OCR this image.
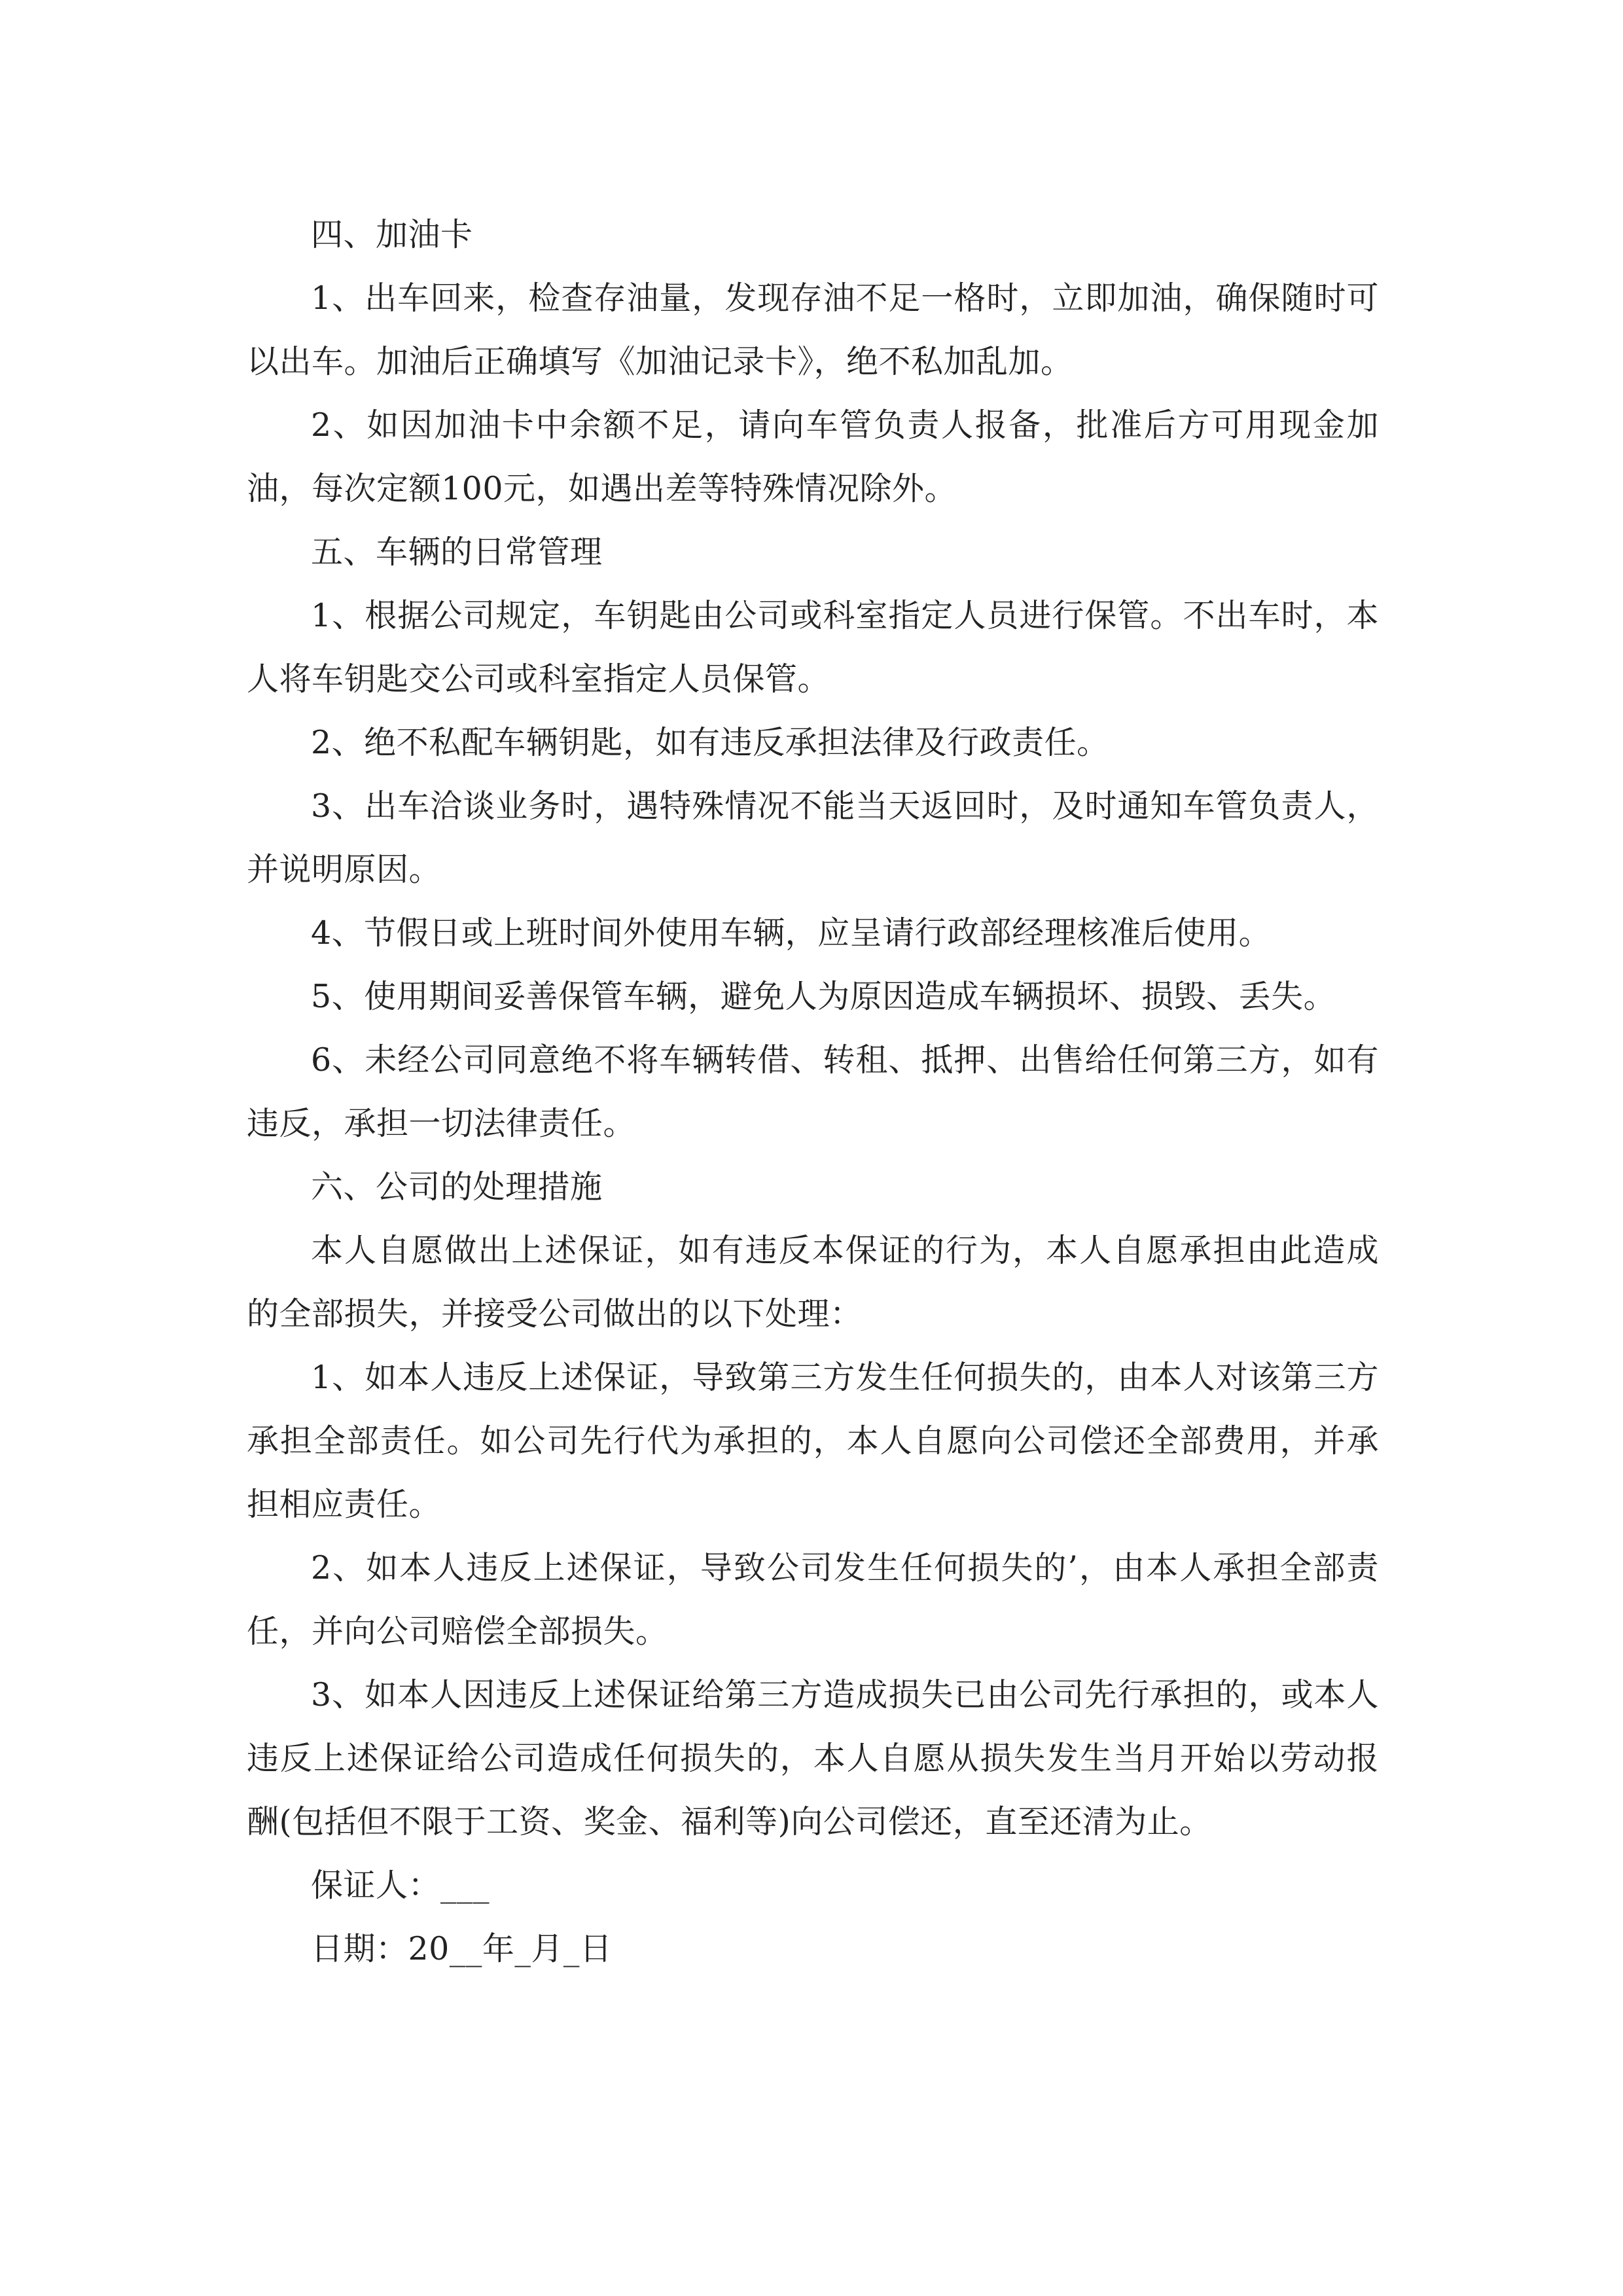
四、加油卡

1、出车回来，检查存油量，发现存油不足一格时，立即加油，确保随时可以出车。加油后正确填写《加油记录卡》，绝不私加乱加。

2、如因加油卡中余额不足，请向车管负责人报备，批准后方可用现金加油，每次定额100元，如遇出差等特殊情况除外。

五、车辆的日常管理

1、根据公司规定，车钥匙由公司或科室指定人员进行保管。不出车时，本人将车钥匙交公司或科室指定人员保管。

2、绝不私配车辆钥匙，如有违反承担法律及行政责任。

3、出车洽谈业务时，遇特殊情况不能当天返回时，及时通知车管负责人，并说明原因。

4、节假日或上班时间外使用车辆，应呈请行政部经理核准后使用。

5、使用期间妥善保管车辆，避免人为原因造成车辆损坏、损毁、丢失。

6、未经公司同意绝不将车辆转借、转租、抵押、出售给任何第三方，如有违反，承担一切法律责任。

六、公司的处理措施

本人自愿做出上述保证，如有违反本保证的行为，本人自愿承担由此造成的全部损失，并接受公司做出的以下处理：

1、如本人违反上述保证，导致第三方发生任何损失的，由本人对该第三方承担全部责任。如公司先行代为承担的，本人自愿向公司偿还全部费用，并承担相应责任。

2、如本人违反上述保证，导致公司发生任何损失的’，由本人承担全部责任，并向公司赔偿全部损失。

3、如本人因违反上述保证给第三方造成损失已由公司先行承担的，或本人违反上述保证给公司造成任何损失的，本人自愿从损失发生当月开始以劳动报酬(包括但不限于工资、奖金、福利等)向公司偿还，直至还清为止。

保证人：___

日期：20__年_月_日
